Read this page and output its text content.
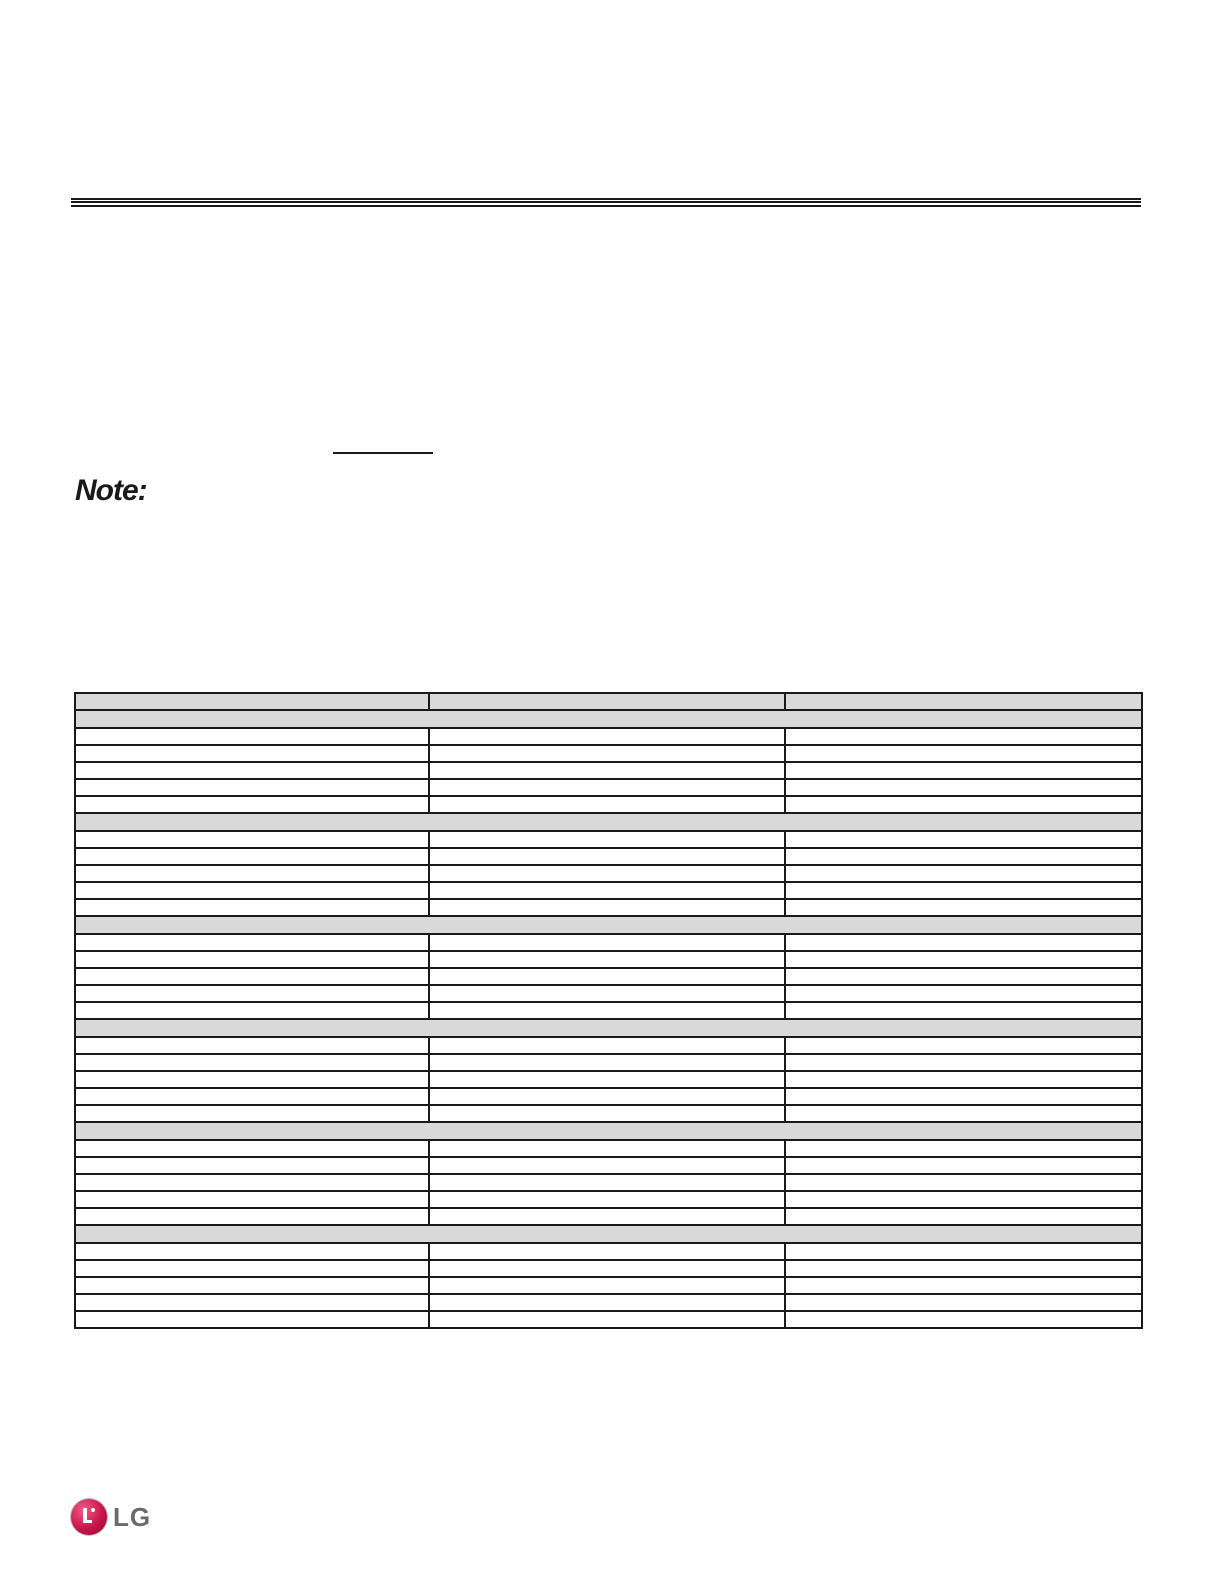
Note:

LG
